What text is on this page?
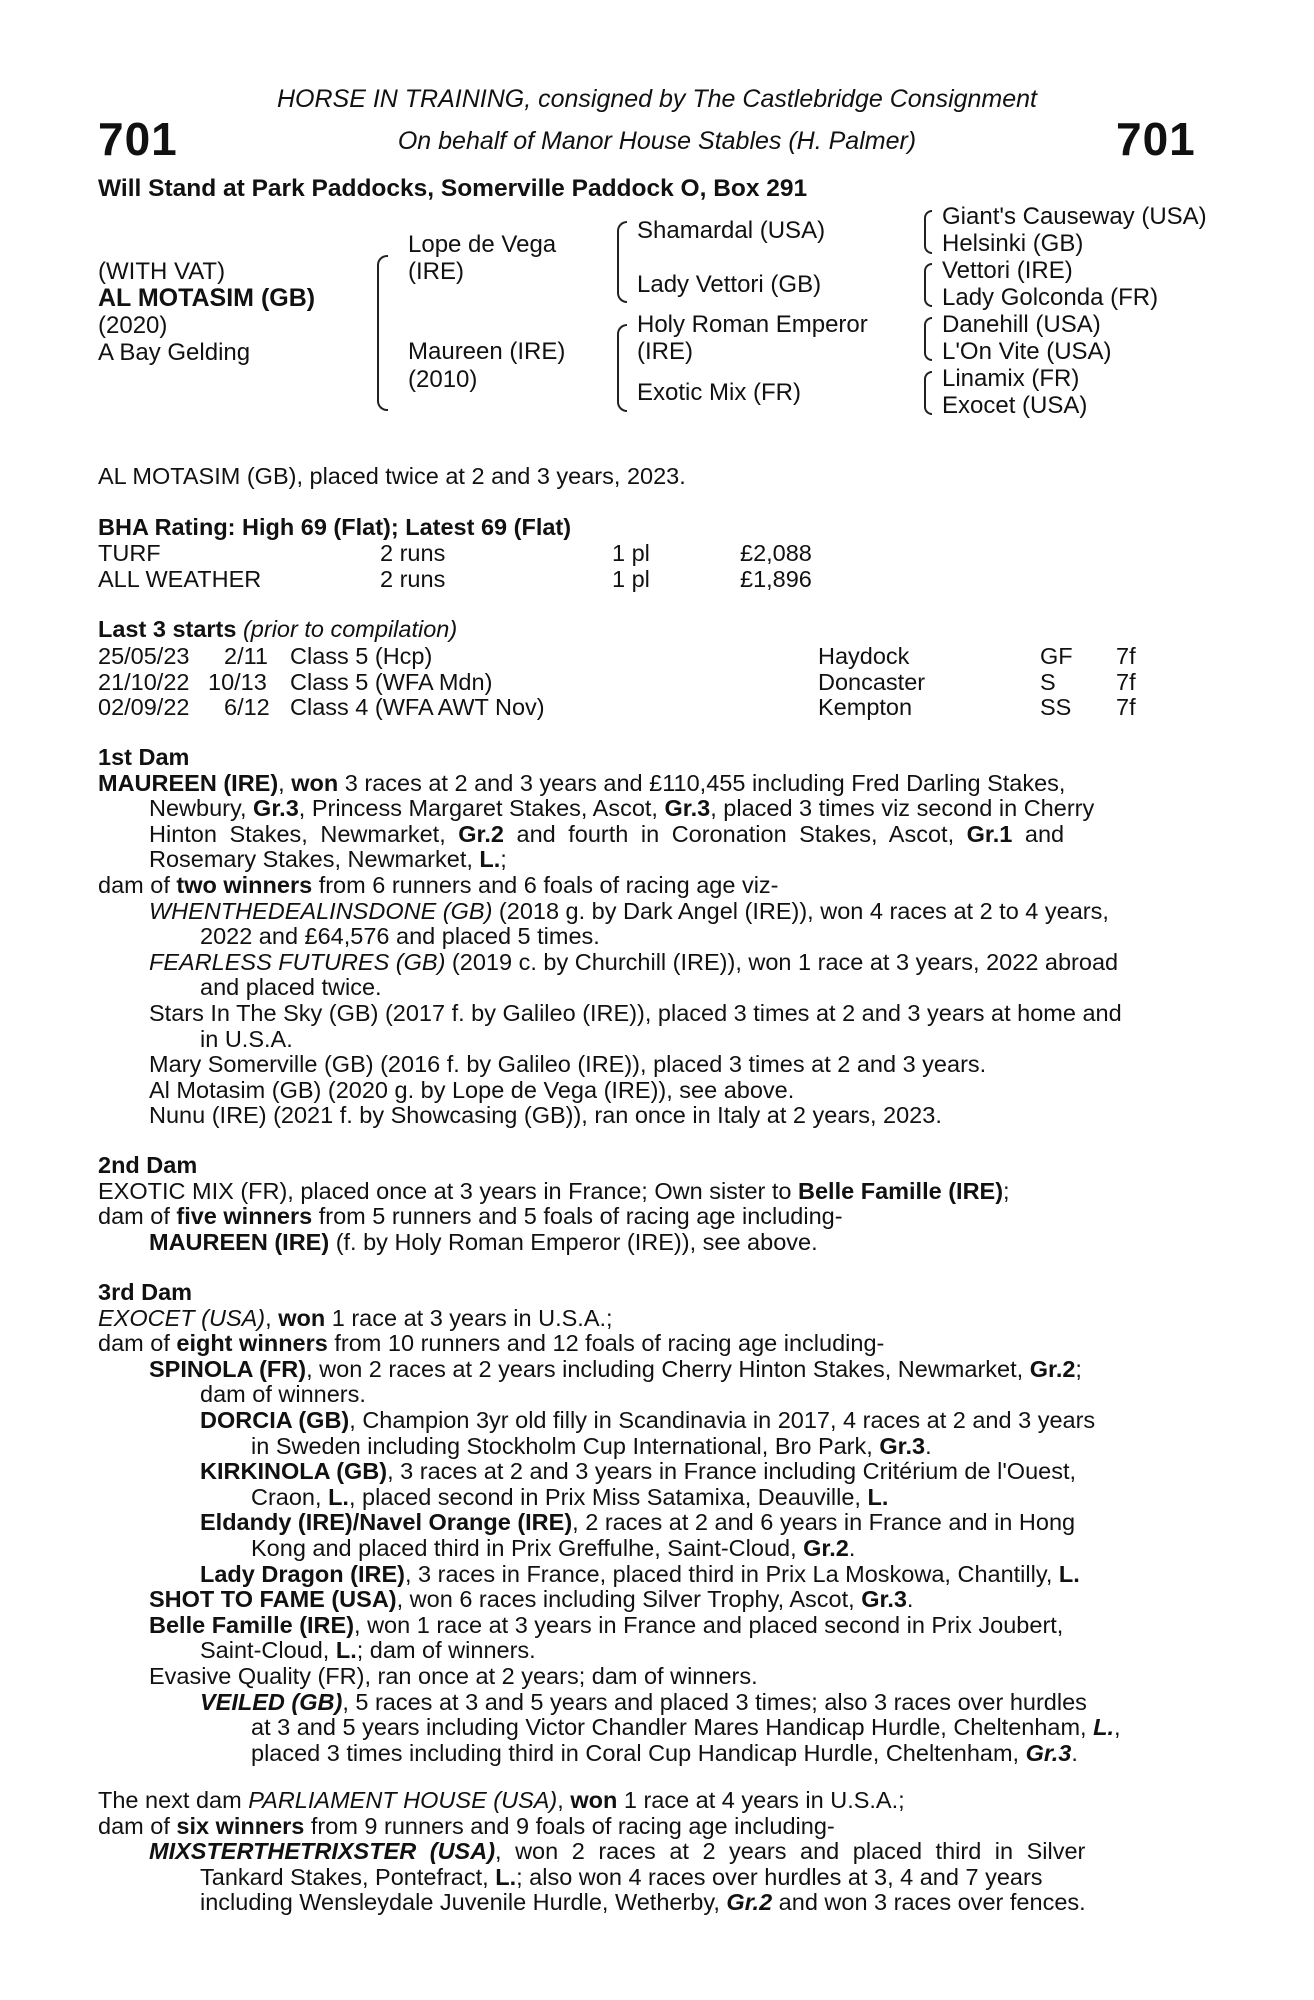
701	701
HORSE IN TRAINING, consigned by The Castlebridge Consignment
On behalf of Manor House Stables (H. Palmer)
Will Stand at Park Paddocks, Somerville Paddock O, Box 291
(WITH VAT)
AL MOTASIM (GB)
(2020)
A Bay Gelding
Lope de Vega
(IRE)
Maureen (IRE)
(2010)
Shamardal (USA)
Lady Vettori (GB)
Holy Roman Emperor
(IRE)
Exotic Mix (FR)
Giant's Causeway (USA)
Helsinki (GB)
Vettori (IRE)
Lady Golconda (FR)
Danehill (USA)
L'On Vite (USA)
Linamix (FR)
Exocet (USA)
AL MOTASIM (GB), placed twice at 2 and 3 years, 2023.
BHA Rating: High 69 (Flat); Latest 69 (Flat)
TURF	2 runs	1 pl	£2,088
ALL WEATHER	2 runs	1 pl	£1,896
Last 3 starts (prior to compilation)
25/05/23 2/11 Class 5 (Hcp)	Haydock	GF 7f
21/10/22 10/13 Class 5 (WFA Mdn)	Doncaster	S	7f
02/09/22 6/12 Class 4 (WFA AWT Nov)	Kempton	SS 7f
1st Dam
MAUREEN (IRE), won 3 races at 2 and 3 years and £110,455 including Fred Darling Stakes,
Newbury, Gr.3, Princess Margaret Stakes, Ascot, Gr.3, placed 3 times viz second in Cherry
Hinton Stakes, Newmarket, Gr.2 and fourth in Coronation Stakes, Ascot, Gr.1 and
Rosemary Stakes, Newmarket, L.;
dam of two winners from 6 runners and 6 foals of racing age viz-
WHENTHEDEALINSDONE (GB) (2018 g. by Dark Angel (IRE)), won 4 races at 2 to 4 years,
2022 and £64,576 and placed 5 times.
FEARLESS FUTURES (GB) (2019 c. by Churchill (IRE)), won 1 race at 3 years, 2022 abroad
and placed twice.
Stars In The Sky (GB) (2017 f. by Galileo (IRE)), placed 3 times at 2 and 3 years at home and
in U.S.A.
Mary Somerville (GB) (2016 f. by Galileo (IRE)), placed 3 times at 2 and 3 years.
Al Motasim (GB) (2020 g. by Lope de Vega (IRE)), see above.
Nunu (IRE) (2021 f. by Showcasing (GB)), ran once in Italy at 2 years, 2023.
2nd Dam
EXOTIC MIX (FR), placed once at 3 years in France; Own sister to Belle Famille (IRE);
dam of five winners from 5 runners and 5 foals of racing age including-
MAUREEN (IRE) (f. by Holy Roman Emperor (IRE)), see above.
3rd Dam
EXOCET (USA), won 1 race at 3 years in U.S.A.;
dam of eight winners from 10 runners and 12 foals of racing age including-
SPINOLA (FR), won 2 races at 2 years including Cherry Hinton Stakes, Newmarket, Gr.2;
dam of winners.
DORCIA (GB), Champion 3yr old filly in Scandinavia in 2017, 4 races at 2 and 3 years
in Sweden including Stockholm Cup International, Bro Park, Gr.3.
KIRKINOLA (GB), 3 races at 2 and 3 years in France including Critérium de l'Ouest,
Craon, L., placed second in Prix Miss Satamixa, Deauville, L.
Eldandy (IRE)/Navel Orange (IRE), 2 races at 2 and 6 years in France and in Hong
Kong and placed third in Prix Greffulhe, Saint-Cloud, Gr.2.
Lady Dragon (IRE), 3 races in France, placed third in Prix La Moskowa, Chantilly, L.
SHOT TO FAME (USA), won 6 races including Silver Trophy, Ascot, Gr.3.
Belle Famille (IRE), won 1 race at 3 years in France and placed second in Prix Joubert,
Saint-Cloud, L.; dam of winners.
Evasive Quality (FR), ran once at 2 years; dam of winners.
VEILED (GB), 5 races at 3 and 5 years and placed 3 times; also 3 races over hurdles
at 3 and 5 years including Victor Chandler Mares Handicap Hurdle, Cheltenham, L.,
placed 3 times including third in Coral Cup Handicap Hurdle, Cheltenham, Gr.3.
The next dam PARLIAMENT HOUSE (USA), won 1 race at 4 years in U.S.A.;
dam of six winners from 9 runners and 9 foals of racing age including-
MIXSTERTHETRIXSTER (USA), won 2 races at 2 years and placed third in Silver
Tankard Stakes, Pontefract, L.; also won 4 races over hurdles at 3, 4 and 7 years
including Wensleydale Juvenile Hurdle, Wetherby, Gr.2 and won 3 races over fences.
